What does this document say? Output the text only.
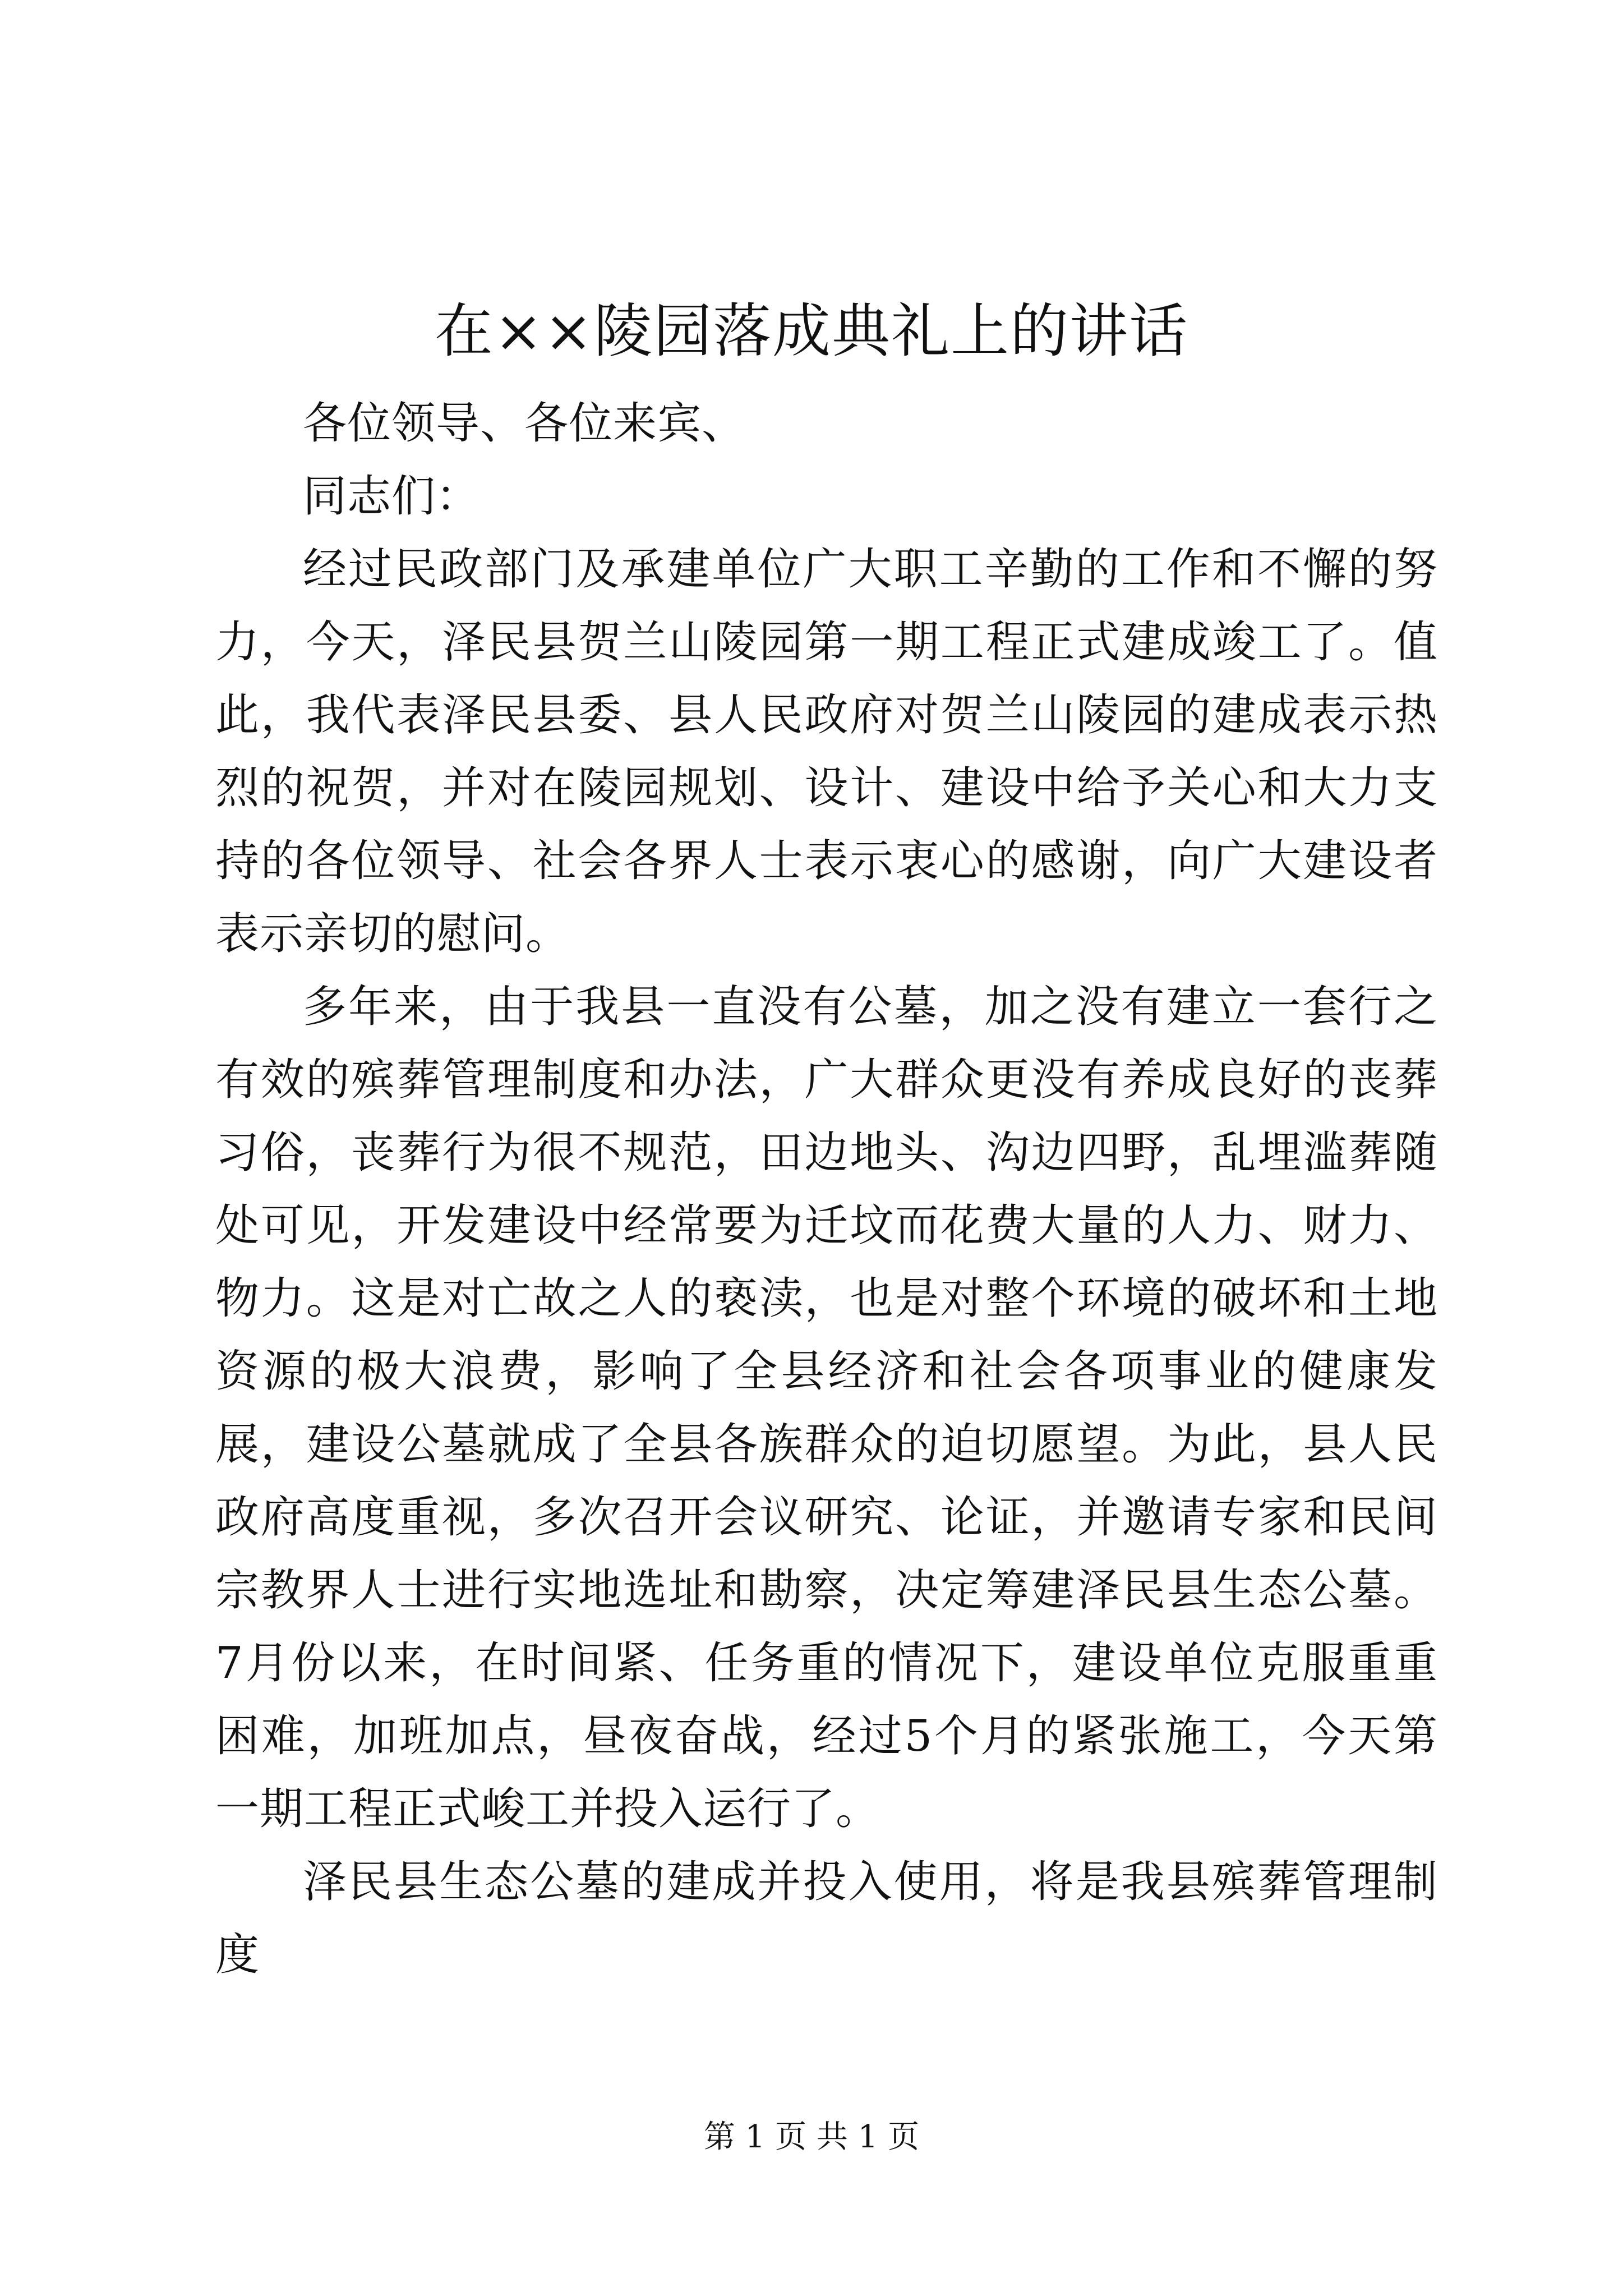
在××陵园落成典礼上的讲话

各位领导、各位来宾、

同志们：

经过民政部门及承建单位广大职工辛勤的工作和不懈的努力，今天，泽民县贺兰山陵园第一期工程正式建成竣工了。值此，我代表泽民县委、县人民政府对贺兰山陵园的建成表示热烈的祝贺，并对在陵园规划、设计、建设中给予关心和大力支持的各位领导、社会各界人士表示衷心的感谢，向广大建设者表示亲切的慰问。

多年来，由于我县一直没有公墓，加之没有建立一套行之有效的殡葬管理制度和办法，广大群众更没有养成良好的丧葬习俗，丧葬行为很不规范，田边地头、沟边四野，乱埋滥葬随处可见，开发建设中经常要为迁坟而花费大量的人力、财力、物力。这是对亡故之人的亵渎，也是对整个环境的破坏和土地资源的极大浪费，影响了全县经济和社会各项事业的健康发展，建设公墓就成了全县各族群众的迫切愿望。为此，县人民政府高度重视，多次召开会议研究、论证，并邀请专家和民间宗教界人士进行实地选址和勘察，决定筹建泽民县生态公墓。7月份以来，在时间紧、任务重的情况下，建设单位克服重重困难，加班加点，昼夜奋战，经过5个月的紧张施工，今天第一期工程正式峻工并投入运行了。

泽民县生态公墓的建成并投入使用，将是我县殡葬管理制度

第 1 页 共 1 页
